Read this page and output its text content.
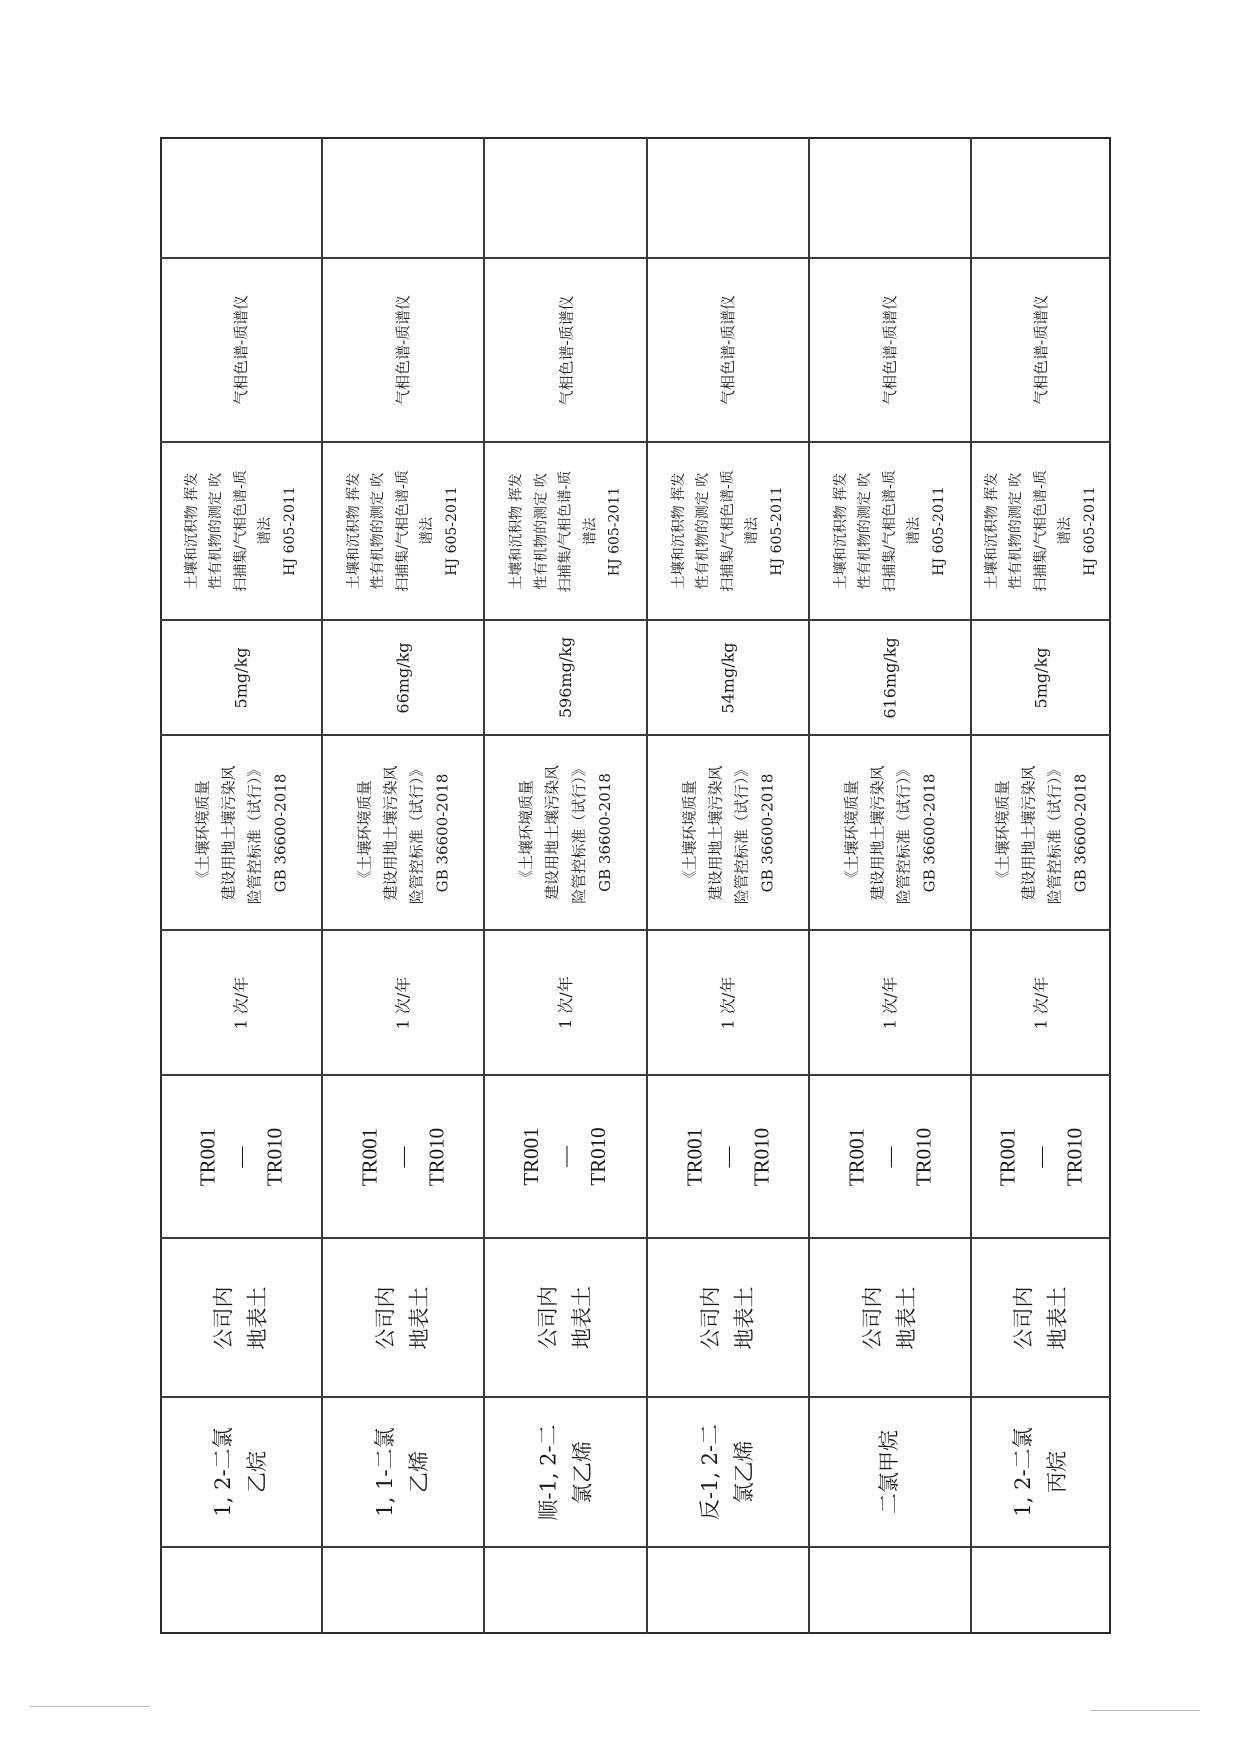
气相色谱-质谱仪
土壤和沉积物 挥发 性有机物的测定 吹 扫捕集/气相色谱-质 谱法 HJ 605-2011
5mg/kg
《土壤环境质量 建设用地土壤污染风 险管控标准（试行）》 GB 36600-2018
1 次/年
TR001 — TR010
公司内 地表土
1, 2-二氯 乙烷
气相色谱-质谱仪
土壤和沉积物 挥发 性有机物的测定 吹 扫捕集/气相色谱-质 谱法 HJ 605-2011
66mg/kg
《土壤环境质量 建设用地土壤污染风 险管控标准（试行）》 GB 36600-2018
1 次/年
TR001 — TR010
公司内 地表土
1, 1-二氯 乙烯
气相色谱-质谱仪
土壤和沉积物 挥发 性有机物的测定 吹 扫捕集/气相色谱-质 谱法 HJ 605-2011
596mg/kg
《土壤环境质量 建设用地土壤污染风 险管控标准（试行）》 GB 36600-2018
1 次/年
TR001 — TR010
公司内 地表土
顺-1, 2-二 氯乙烯
气相色谱-质谱仪
土壤和沉积物 挥发 性有机物的测定 吹 扫捕集/气相色谱-质 谱法 HJ 605-2011
54mg/kg
《土壤环境质量 建设用地土壤污染风 险管控标准（试行）》 GB 36600-2018
1 次/年
TR001 — TR010
公司内 地表土
反-1, 2-二 氯乙烯
气相色谱-质谱仪
土壤和沉积物 挥发 性有机物的测定 吹 扫捕集/气相色谱-质 谱法 HJ 605-2011
616mg/kg
《土壤环境质量 建设用地土壤污染风 险管控标准（试行）》 GB 36600-2018
1 次/年
TR001 — TR010
公司内 地表土
二氯甲烷
气相色谱-质谱仪
土壤和沉积物 挥发 性有机物的测定 吹 扫捕集/气相色谱-质 谱法 HJ 605-2011
5mg/kg
《土壤环境质量 建设用地土壤污染风 险管控标准（试行）》 GB 36600-2018
1 次/年
TR001 — TR010
公司内 地表土
1, 2-二氯 丙烷
